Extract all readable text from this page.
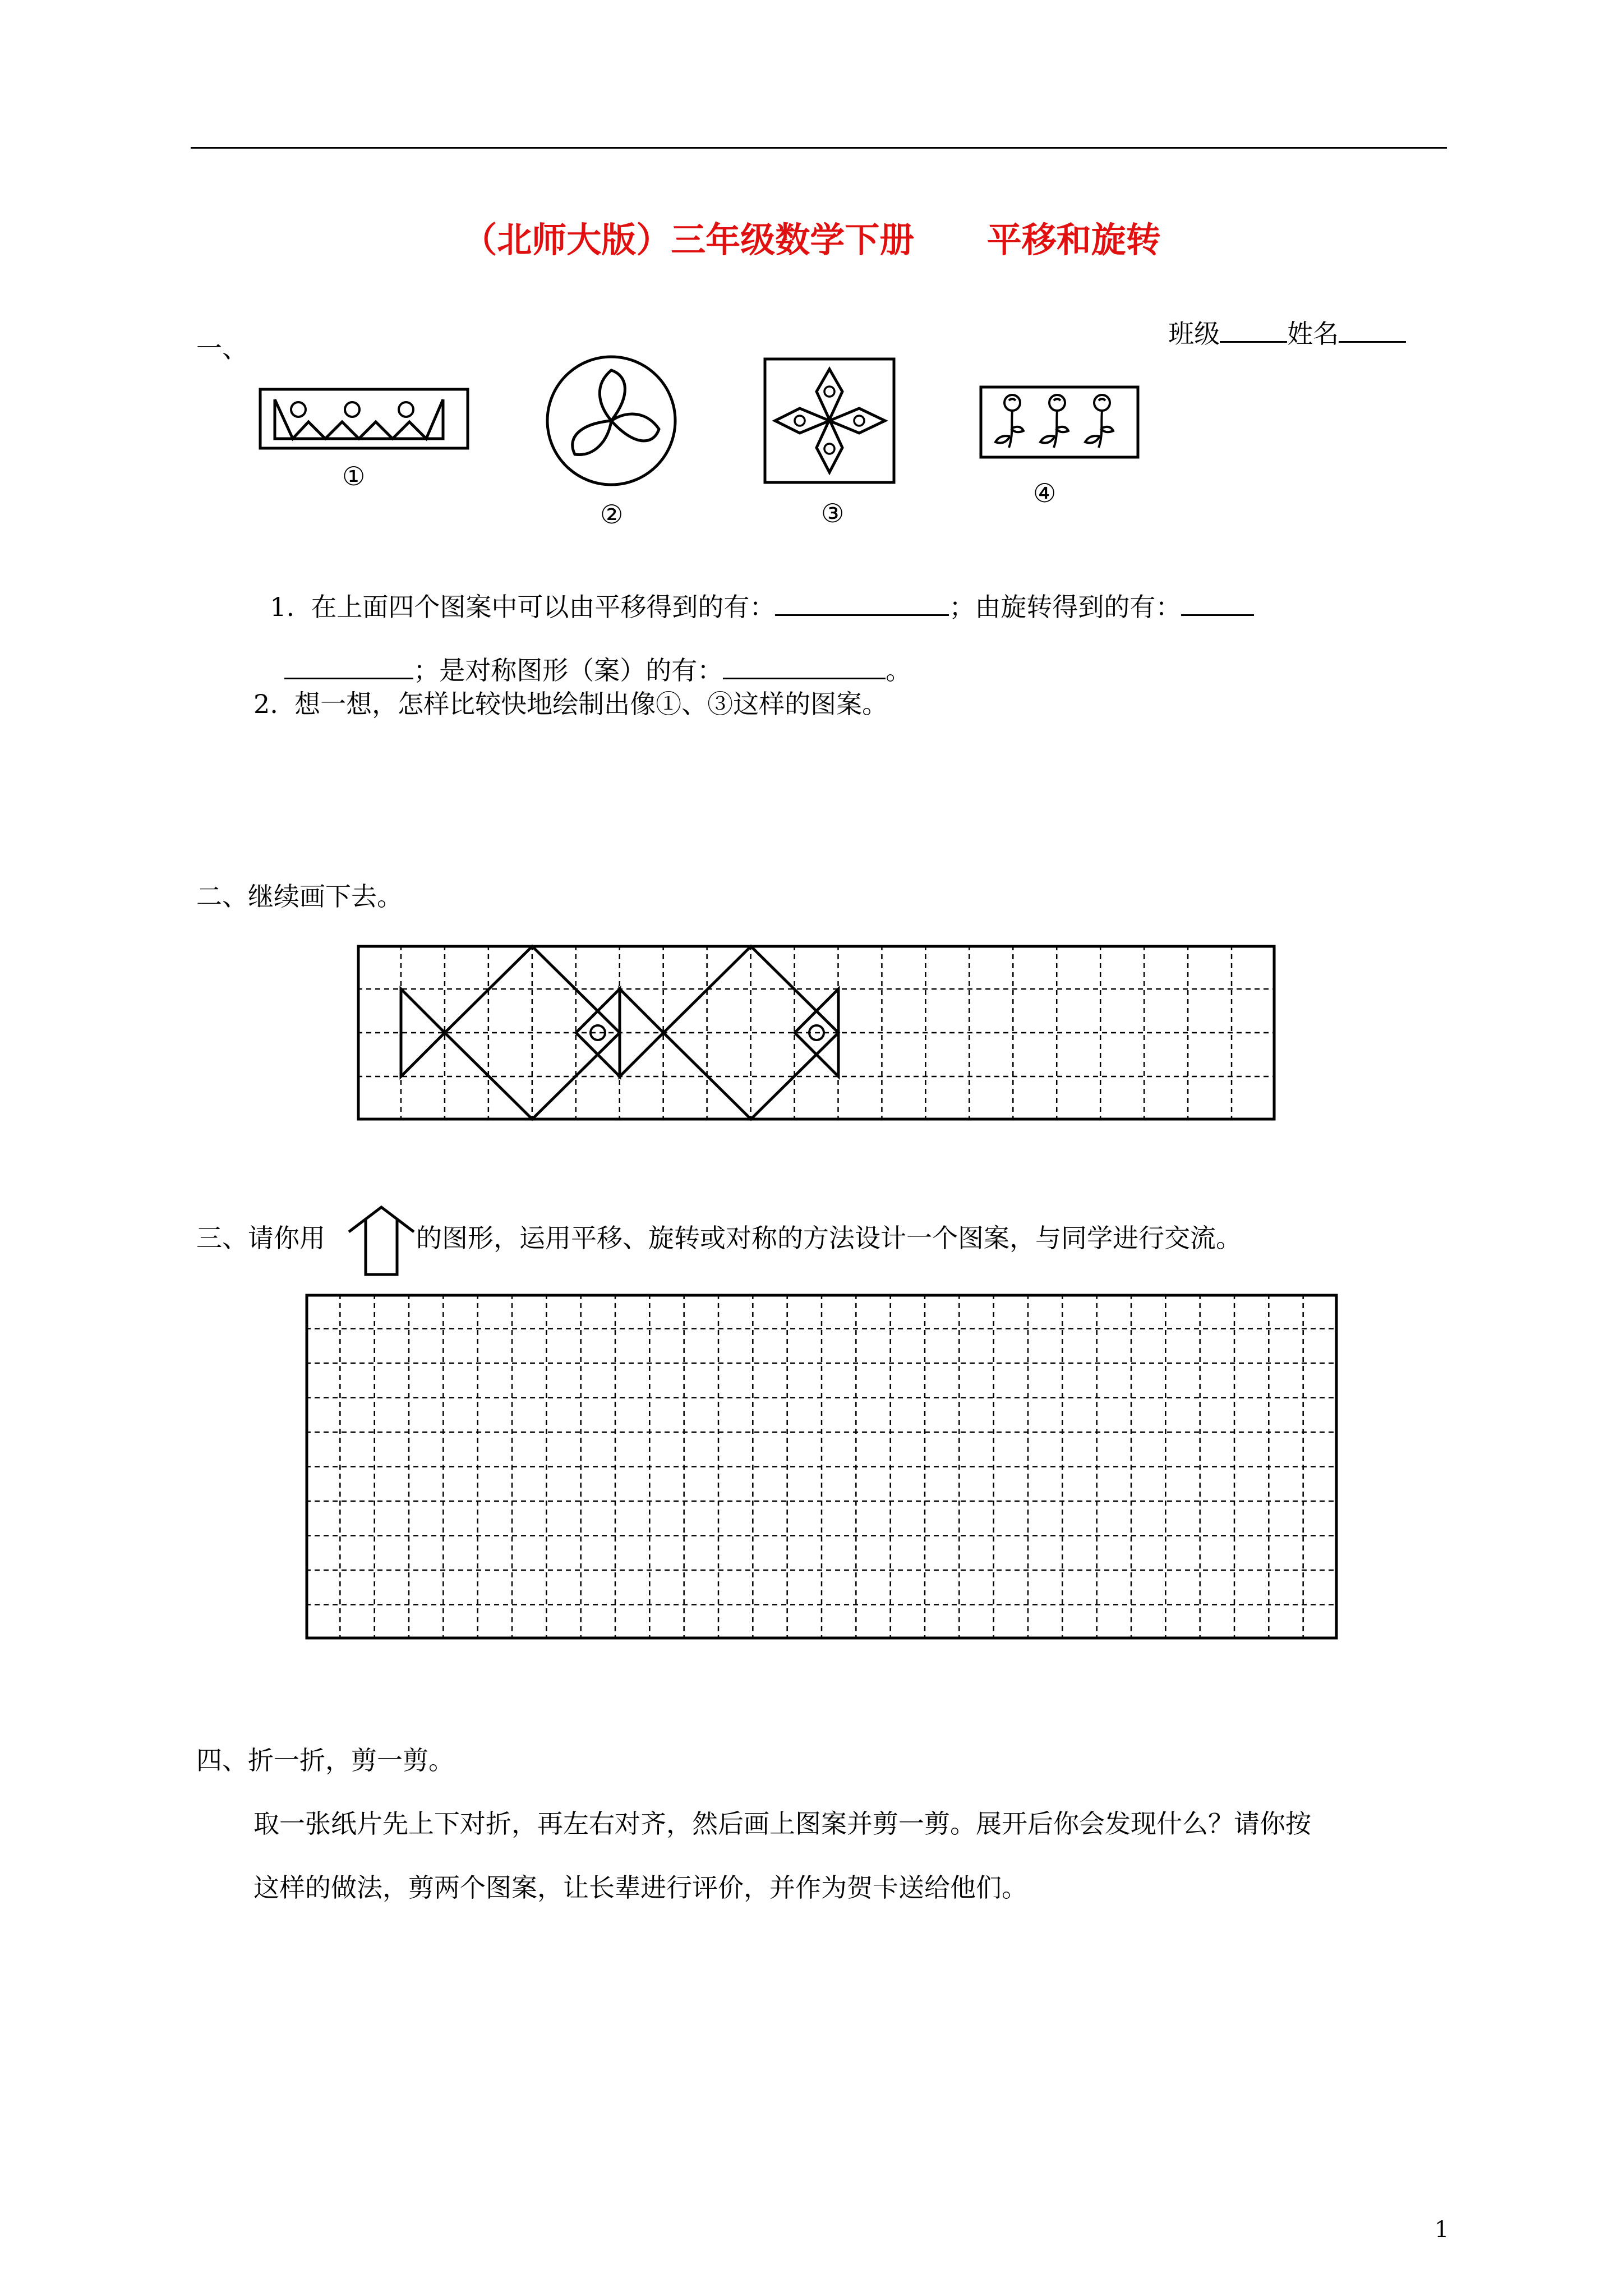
（北师大版）三年级数学下册      平移和旋转

班级	姓名

一、
①
②	③
④

1.  在上面四个图案中可以由平移得到的有：	；由旋转得到的有：

；是对称图形（案）的有：	。

2.  想一想，怎样比较快地绘制出像①、③这样的图案。
二、继续画下去。
三、请你用	的图形，运用平移、旋转或对称的方法设计一个图案，与同学进行交流。
四、折一折，剪一剪。
取一张纸片先上下对折，再左右对齐，然后画上图案并剪一剪。展开后你会发现什么？请你按
这样的做法，剪两个图案，让长辈进行评价，并作为贺卡送给他们。
1
